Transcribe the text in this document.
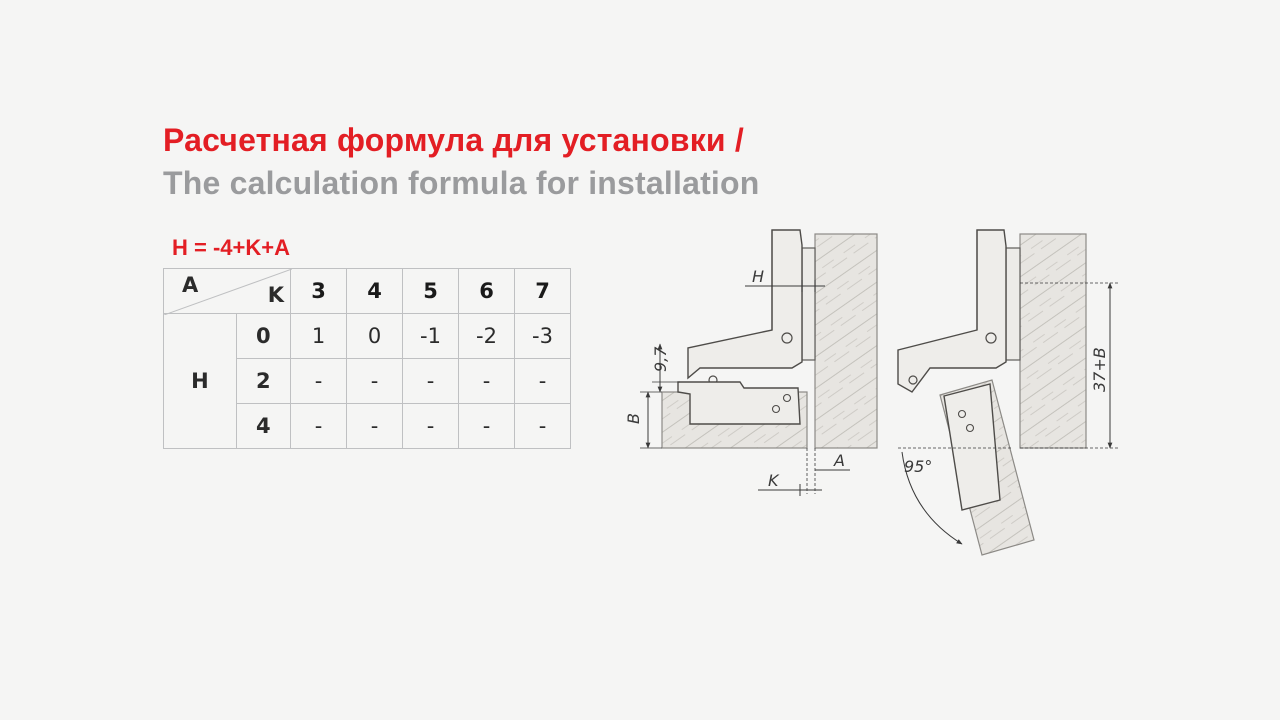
Расчетная формула для установки /
The calculation formula for installation
H = -4+K+A
A K		3	4	5	6	7
H	0	1	0	-1	-2	-3
	2	-	-	-	-	-
	4	-	-	-	-	-
H
9,7
B
A
K
37+B
95°
